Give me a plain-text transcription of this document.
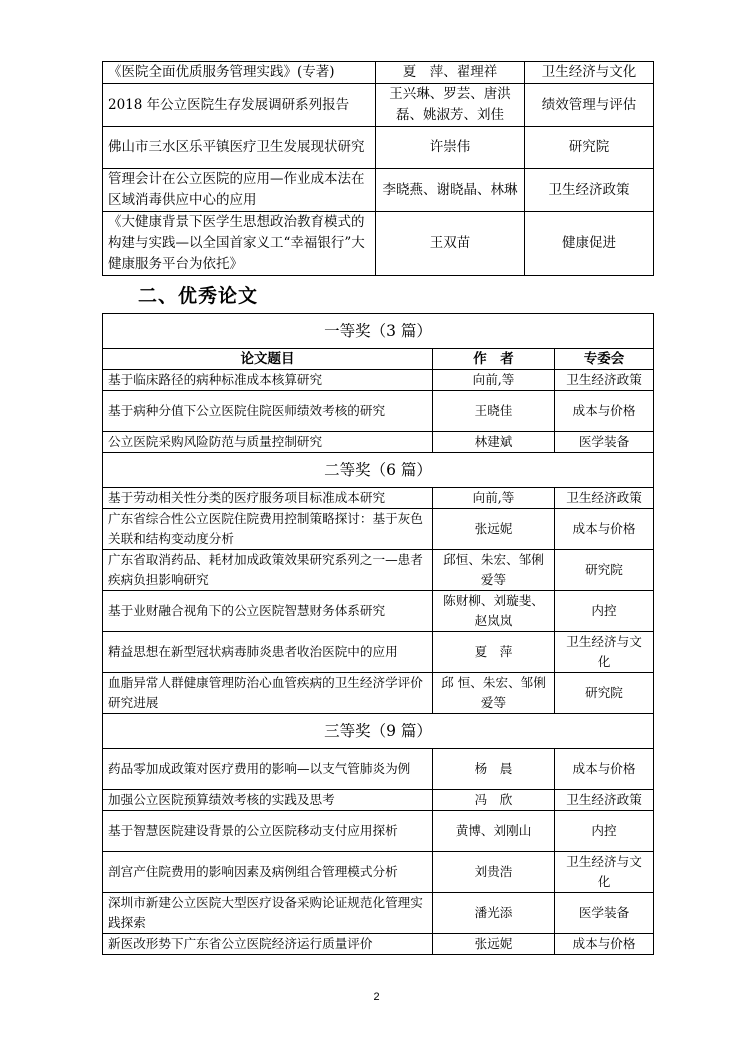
《医院全面优质服务管理实践》(专著)	夏　萍、翟理祥	卫生经济与文化
2018 年公立医院生存发展调研系列报告	王兴琳、罗芸、唐洪磊、姚淑芳、刘佳	绩效管理与评估
佛山市三水区乐平镇医疗卫生发展现状研究	许崇伟	研究院
管理会计在公立医院的应用—作业成本法在区域消毒供应中心的应用	李晓燕、谢晓晶、林琳	卫生经济政策
《大健康背景下医学生思想政治教育模式的构建与实践—以全国首家义工“幸福银行”大健康服务平台为依托》	王双苗	健康促进
二、优秀论文
一等奖（3 篇）		
论文题目	作　者	专委会
基于临床路径的病种标准成本核算研究	向前,等	卫生经济政策
基于病种分值下公立医院住院医师绩效考核的研究	王晓佳	成本与价格
公立医院采购风险防范与质量控制研究	林建斌	医学装备
二等奖（6 篇）		
基于劳动相关性分类的医疗服务项目标准成本研究	向前,等	卫生经济政策
广东省综合性公立医院住院费用控制策略探讨：基于灰色关联和结构变动度分析	张远妮	成本与价格
广东省取消药品、耗材加成政策效果研究系列之一—患者疾病负担影响研究	邱恒、朱宏、邹俐爱等	研究院
基于业财融合视角下的公立医院智慧财务体系研究	陈财柳、刘璇斐、赵岚岚	内控
精益思想在新型冠状病毒肺炎患者收治医院中的应用	夏　萍	卫生经济与文化
血脂异常人群健康管理防治心血管疾病的卫生经济学评价研究进展	邱 恒、朱宏、邹俐爱等	研究院
三等奖（9 篇）		
药品零加成政策对医疗费用的影响—以支气管肺炎为例	杨　晨	成本与价格
加强公立医院预算绩效考核的实践及思考	冯　欣	卫生经济政策
基于智慧医院建设背景的公立医院移动支付应用探析	黄博、刘刚山	内控
剖宫产住院费用的影响因素及病例组合管理模式分析	刘贵浩	卫生经济与文化
深圳市新建公立医院大型医疗设备采购论证规范化管理实践探索	潘光添	医学装备
新医改形势下广东省公立医院经济运行质量评价	张远妮	成本与价格
2
